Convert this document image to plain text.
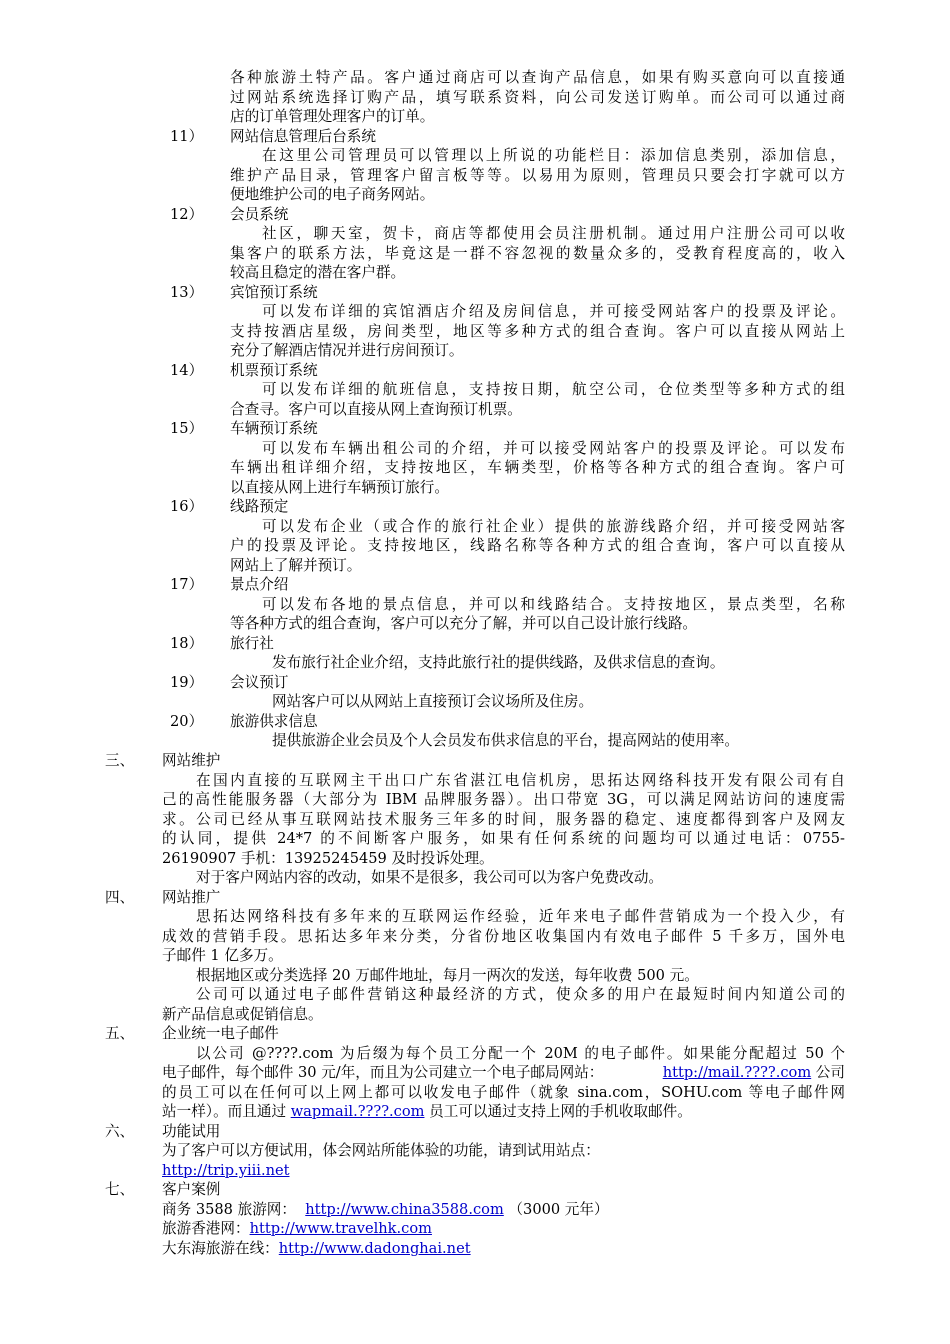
各种旅游土特产品。客户通过商店可以查询产品信息，如果有购买意向可以直接通
过网站系统选择订购产品，填写联系资料，向公司发送订购单。而公司可以通过商
店的订单管理处理客户的订单。
11） 网站信息管理后台系统
在这里公司管理员可以管理以上所说的功能栏目：添加信息类别，添加信息，
维护产品目录，管理客户留言板等等。以易用为原则，管理员只要会打字就可以方
便地维护公司的电子商务网站。
12） 会员系统
社区，聊天室，贺卡，商店等都使用会员注册机制。通过用户注册公司可以收
集客户的联系方法，毕竟这是一群不容忽视的数量众多的，受教育程度高的，收入
较高且稳定的潜在客户群。
13） 宾馆预订系统
可以发布详细的宾馆酒店介绍及房间信息，并可接受网站客户的投票及评论。
支持按酒店星级，房间类型，地区等多种方式的组合查询。客户可以直接从网站上
充分了解酒店情况并进行房间预订。
14） 机票预订系统
可以发布详细的航班信息，支持按日期，航空公司，仓位类型等多种方式的组
合查寻。客户可以直接从网上查询预订机票。
15） 车辆预订系统
可以发布车辆出租公司的介绍，并可以接受网站客户的投票及评论。可以发布
车辆出租详细介绍，支持按地区，车辆类型，价格等各种方式的组合查询。客户可
以直接从网上进行车辆预订旅行。
16） 线路预定
可以发布企业（或合作的旅行社企业）提供的旅游线路介绍，并可接受网站客
户的投票及评论。支持按地区，线路名称等各种方式的组合查询，客户可以直接从
网站上了解并预订。
17） 景点介绍
可以发布各地的景点信息，并可以和线路结合。支持按地区，景点类型，名称
等各种方式的组合查询，客户可以充分了解，并可以自己设计旅行线路。
18） 旅行社
发布旅行社企业介绍，支持此旅行社的提供线路，及供求信息的查询。
19） 会议预订
网站客户可以从网站上直接预订会议场所及住房。
20） 旅游供求信息
提供旅游企业会员及个人会员发布供求信息的平台，提高网站的使用率。
三、 网站维护
在国内直接的互联网主干出口广东省湛江电信机房，思拓达网络科技开发有限公司有自
己的高性能服务器（大部分为 IBM 品牌服务器）。出口带宽 3G，可以满足网站访问的速度需
求。公司已经从事互联网站技术服务三年多的时间，服务器的稳定、速度都得到客户及网友
的认同，提供 24*7 的不间断客户服务，如果有任何系统的问题均可以通过电话：0755-
26190907 手机：13925245459 及时投诉处理。
对于客户网站内容的改动，如果不是很多，我公司可以为客户免费改动。
四、 网站推广
思拓达网络科技有多年来的互联网运作经验，近年来电子邮件营销成为一个投入少，有
成效的营销手段。思拓达多年来分类，分省份地区收集国内有效电子邮件 5 千多万，国外电
子邮件 1 亿多万。
根据地区或分类选择 20 万邮件地址，每月一两次的发送，每年收费 500 元。
公司可以通过电子邮件营销这种最经济的方式，使众多的用户在最短时间内知道公司的
新产品信息或促销信息。
五、 企业统一电子邮件
以公司 @????.com 为后缀为每个员工分配一个 20M 的电子邮件。如果能分配超过 50 个
电子邮件，每个邮件 30 元/年，而且为公司建立一个电子邮局网站：	http://mail.????.com 公司
的员工可以在任何可以上网上都可以收发电子邮件（就象 sina.com，SOHU.com 等电子邮件网
站一样）。而且通过 wapmail.????.com 员工可以通过支持上网的手机收取邮件。
六、 功能试用
为了客户可以方便试用，体会网站所能体验的功能，请到试用站点：
http://trip.yiii.net
七、 客户案例
商务 3588 旅游网：  http://www.china3588.com （3000 元年）
旅游香港网：http://www.travelhk.com
大东海旅游在线：http://www.dadonghai.net
